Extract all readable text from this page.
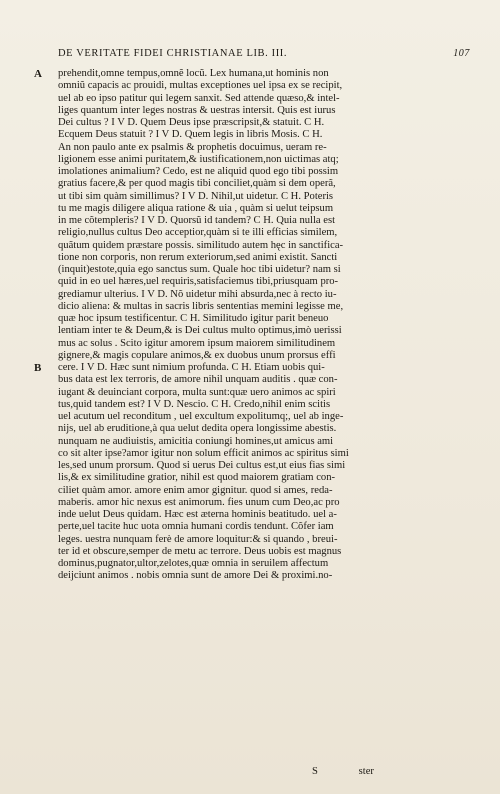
DE VERITATE FIDEI CHRISTIANAE LIB. III.	107
A
B
prehendit,omne tempus,omnẽ locũ. Lex humana,ut hominis non
omniũ capacis ac prouidi, multas exceptiones uel ipsa ex se recipit,
uel ab eo ipso patitur qui legem sanxit. Sed attende quæso,& intel-
liges quantum inter leges nostras & uestras intersit. Quis est iurus
Dei cultus ? I V D. Quem Deus ipse præscripsit,& statuit. C H.
Ecquem Deus statuit ? I V D. Quem legis in libris Mosis. C H.
An non paulo ante ex psalmis & prophetis docuimus, ueram re-
ligionem esse animi puritatem,& iustificationem,non uictimas atq;
imolationes animalium? Cedo, est ne aliquid quod ego tibi possim
gratius facere,& per quod magis tibi conciliet,quàm si dem operã,
ut tibi sim quàm simillimus? I V D. Nihil,ut uidetur. C H. Poteris
tu me magis diligere aliqua ratione & uia , quàm si uelut teipsum
in me cõtempleris? I V D. Quorsũ id tandem? C H. Quia nulla est
religio,nullus cultus Deo acceptior,quàm si te illi efficias similem,
quãtum quidem præstare possis. similitudo autem hęc in sanctifica-
tione non corporis, non rerum exteriorum,sed animi existit. Sancti
(inquit)estote,quia ego sanctus sum. Quale hoc tibi uidetur? nam si
quid in eo uel hæres,uel requiris,satisfaciemus tibi,priusquam pro-
grediamur ulterius. I V D. Nõ uidetur mihi absurda,nec à recto iu-
dicio aliena: & multas in sacris libris sententias memini legisse me,
quæ hoc ipsum testificentur. C H. Similitudo igitur parit beneuo
lentiam inter te & Deum,& is Dei cultus multo optimus,imò uerissi
mus ac solus . Scito igitur amorem ipsum maiorem similitudinem
gignere,& magis copulare animos,& ex duobus unum prorsus effi
cere. I V D. Hæc sunt nimium profunda. C H. Etiam uobis qui-
bus data est lex terroris, de amore nihil unquam auditis . quæ con-
iugant & deuinciant corpora, multa sunt:quæ uero animos ac spiri
tus,quid tandem est? I V D. Nescio. C H. Credo,nihil enim scitis
uel acutum uel reconditum , uel excultum expolitumq;, uel ab inge-
nijs, uel ab eruditione,à qua uelut dedita opera longissime abestis.
nunquam ne audiuistis, amicitia coniungi homines,ut amicus ami
co sit alter ipse?amor igitur non solum efficit animos ac spiritus simi
les,sed unum prorsum. Quod si uerus Dei cultus est,ut eius fias simi
lis,& ex similitudine gratior, nihil est quod maiorem gratiam con-
ciliet quàm amor. amore enim amor gignitur. quod si ames, reda-
maberis. amor hic nexus est animorum. fies unum cum Deo,ac pro
inde uelut Deus quidam. Hæc est æterna hominis beatitudo. uel a-
perte,uel tacite huc uota omnia humani cordis tendunt. Cõfer iam
leges. uestra nunquam ferè de amore loquitur:& si quando , breui-
ter id et obscure,semper de metu ac terrore. Deus uobis est magnus
dominus,pugnator,ultor,zelotes,quæ omnia in seruilem affectum
deijciunt animos . nobis omnia sunt de amore Dei & proximi.no-
S	ster
